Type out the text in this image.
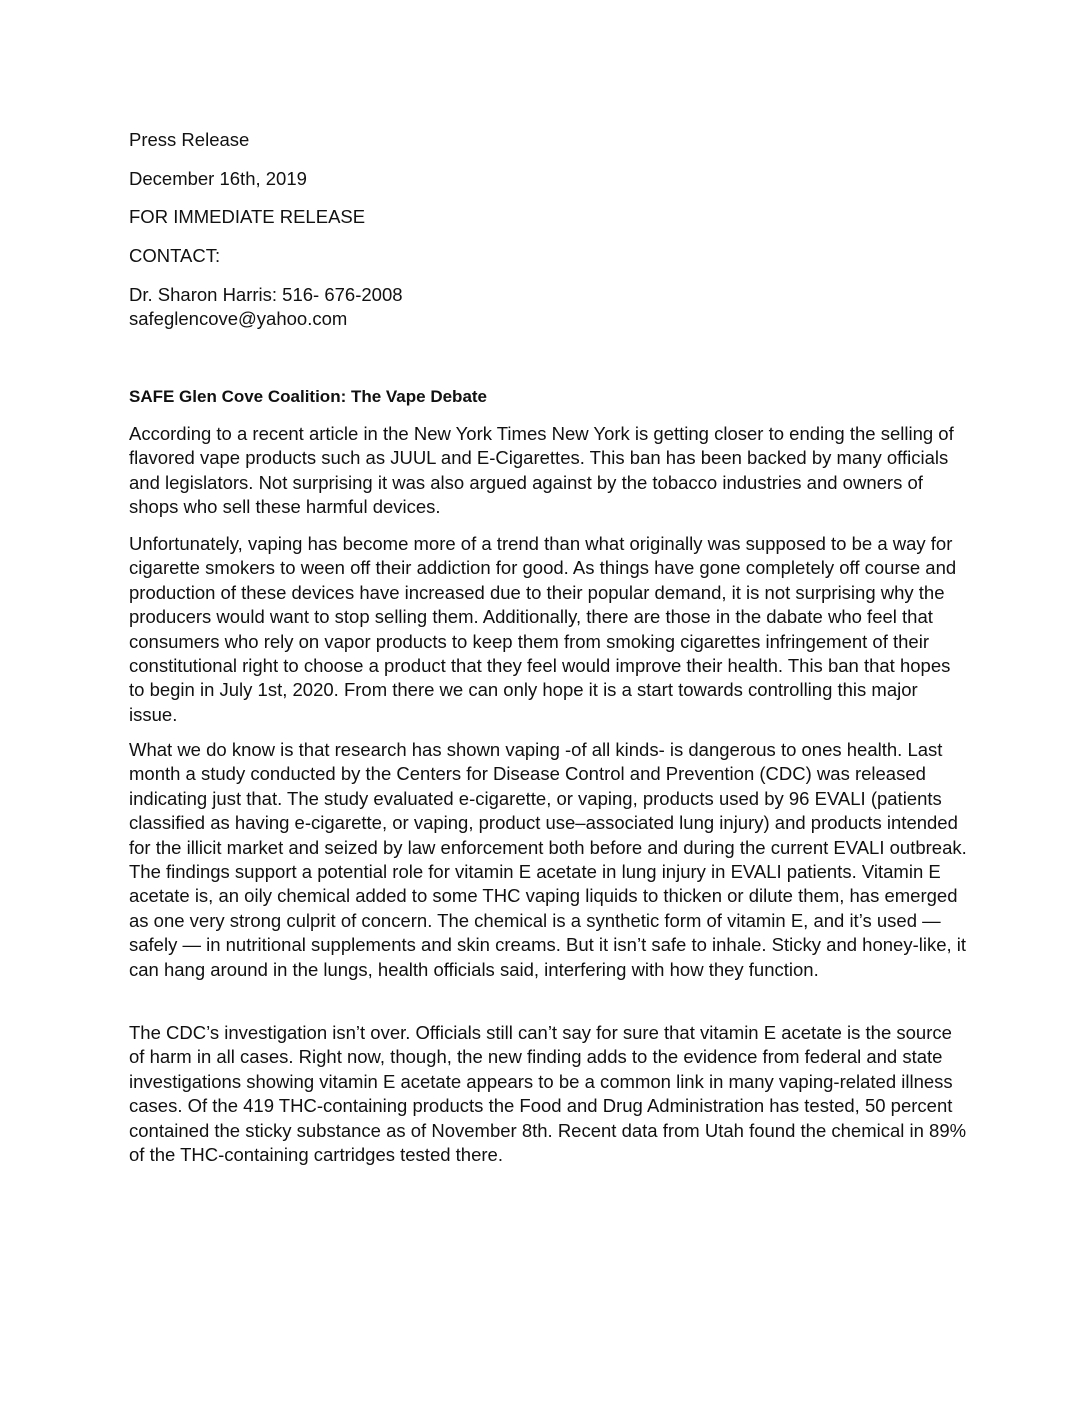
Press Release

December 16th, 2019

FOR IMMEDIATE RELEASE

CONTACT:

Dr. Sharon Harris: 516- 676-2008

safeglencove@yahoo.com

SAFE Glen Cove Coalition: The Vape Debate

According to a recent article in the New York Times New York is getting closer to ending the selling of flavored vape products such as JUUL and E-Cigarettes. This ban has been backed by many officials and legislators. Not surprising it was also argued against by the tobacco industries and owners of shops who sell these harmful devices.

Unfortunately, vaping has become more of a trend than what originally was supposed to be a way for cigarette smokers to ween off their addiction for good. As things have gone completely off course and production of these devices have increased due to their popular demand, it is not surprising why the producers would want to stop selling them. Additionally, there are those in the dabate who feel that consumers who rely on vapor products to keep them from smoking cigarettes infringement of their constitutional right to choose a product that they feel would improve their health. This ban that hopes to begin in July 1st, 2020. From there we can only hope it is a start towards controlling this major issue.

What we do know is that research has shown vaping -of all kinds- is dangerous to ones health. Last month a study conducted by the Centers for Disease Control and Prevention (CDC) was released indicating just that. The study evaluated e-cigarette, or vaping, products used by 96 EVALI (patients classified as having e-cigarette, or vaping, product use–associated lung injury) and products intended for the illicit market and seized by law enforcement both before and during the current EVALI outbreak. The findings support a potential role for vitamin E acetate in lung injury in EVALI patients. Vitamin E acetate is, an oily chemical added to some THC vaping liquids to thicken or dilute them, has emerged as one very strong culprit of concern. The chemical is a synthetic form of vitamin E, and it’s used — safely — in nutritional supplements and skin creams. But it isn’t safe to inhale. Sticky and honey-like, it can hang around in the lungs, health officials said, interfering with how they function.

The CDC’s investigation isn’t over. Officials still can’t say for sure that vitamin E acetate is the source of harm in all cases. Right now, though, the new finding adds to the evidence from federal and state investigations showing vitamin E acetate appears to be a common link in many vaping-related illness cases. Of the 419 THC-containing products the Food and Drug Administration has tested, 50 percent contained the sticky substance as of November 8th. Recent data from Utah found the chemical in 89% of the THC-containing cartridges tested there.
